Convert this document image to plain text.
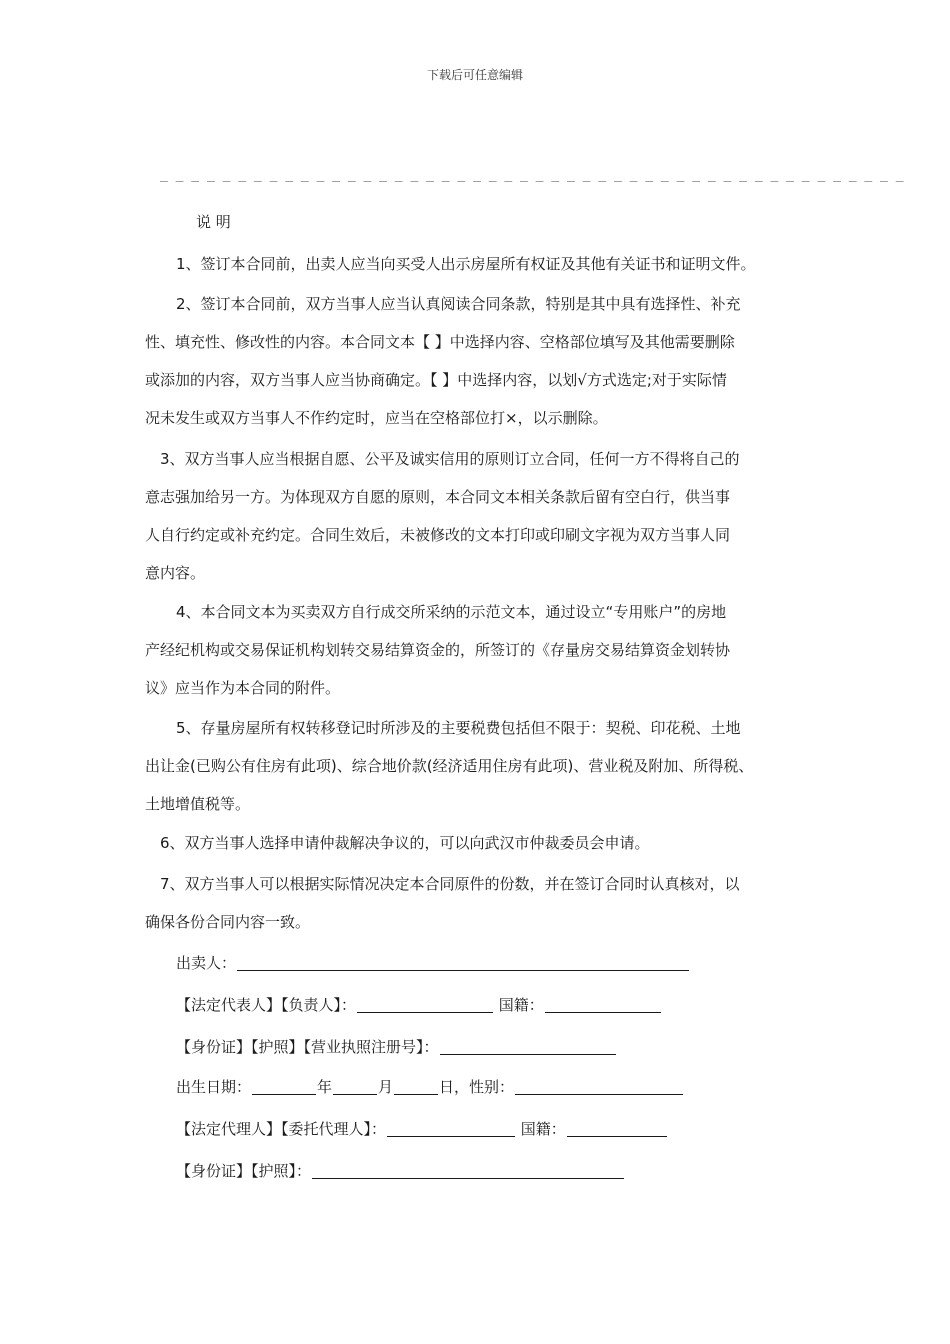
下载后可任意编辑
— — — — — — — — — — — — — — — — — — — — — — — — — — — — — — — — — — — — — — — — — — — — — — — —
说 明
1、签订本合同前，出卖人应当向买受人出示房屋所有权证及其他有关证书和证明文件。
2、签订本合同前，双方当事人应当认真阅读合同条款，特别是其中具有选择性、补充
性、填充性、修改性的内容。本合同文本【 】中选择内容、空格部位填写及其他需要删除
或添加的内容，双方当事人应当协商确定。【 】中选择内容，以划√方式选定;对于实际情
况未发生或双方当事人不作约定时，应当在空格部位打×，以示删除。
3、双方当事人应当根据自愿、公平及诚实信用的原则订立合同，任何一方不得将自己的
意志强加给另一方。为体现双方自愿的原则，本合同文本相关条款后留有空白行，供当事
人自行约定或补充约定。合同生效后，未被修改的文本打印或印刷文字视为双方当事人同
意内容。
4、本合同文本为买卖双方自行成交所采纳的示范文本，通过设立“专用账户”的房地
产经纪机构或交易保证机构划转交易结算资金的，所签订的《存量房交易结算资金划转协
议》应当作为本合同的附件。
5、存量房屋所有权转移登记时所涉及的主要税费包括但不限于：契税、印花税、土地
出让金(已购公有住房有此项)、综合地价款(经济适用住房有此项)、营业税及附加、所得税、
土地增值税等。
6、双方当事人选择申请仲裁解决争议的，可以向武汉市仲裁委员会申请。
7、双方当事人可以根据实际情况决定本合同原件的份数，并在签订合同时认真核对，以
确保各份合同内容一致。
出卖人：
【法定代表人】【负责人】：	国籍：
【身份证】【护照】【营业执照注册号】：
出生日期：	年	月	日，性别：
【法定代理人】【委托代理人】：	国籍：
【身份证】【护照】：
